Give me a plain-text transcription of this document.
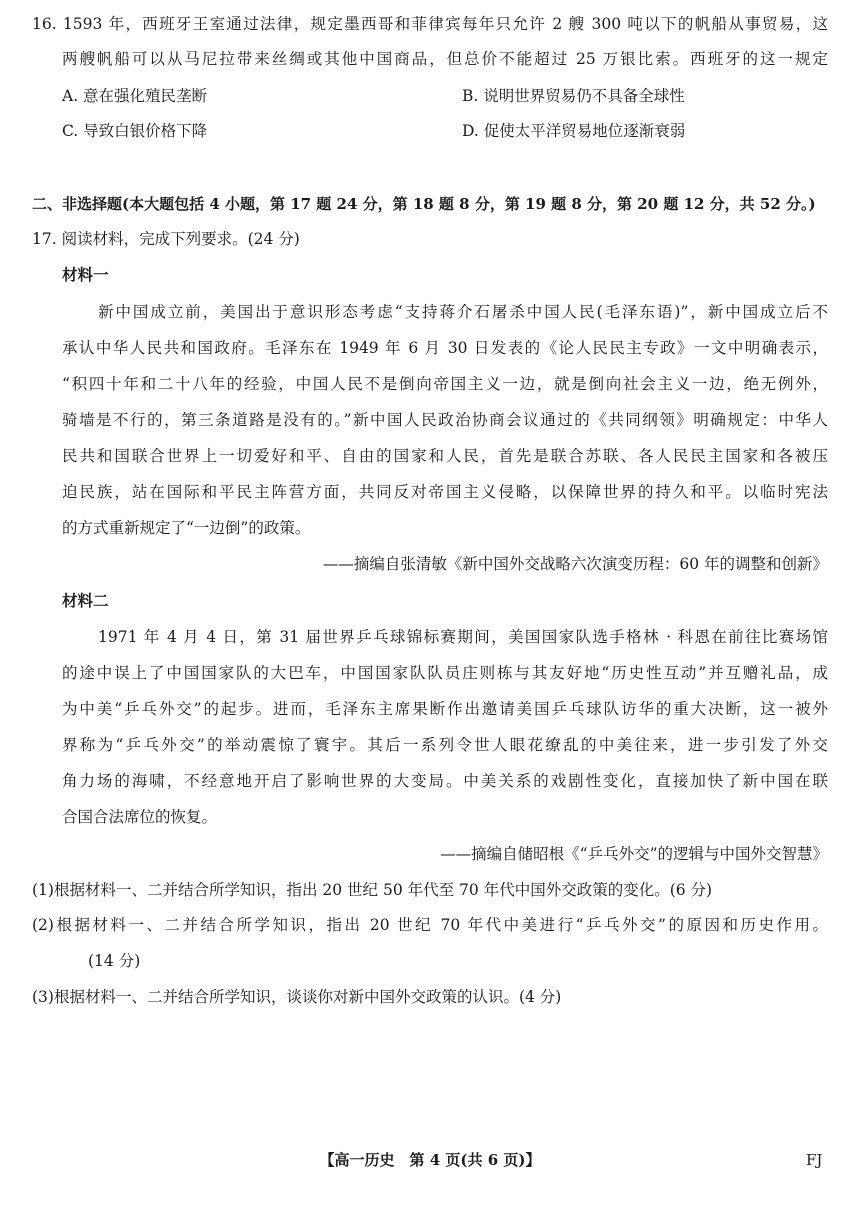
16. 1593 年，西班牙王室通过法律，规定墨西哥和菲律宾每年只允许 2 艘 300 吨以下的帆船从事贸易，这
两艘帆船可以从马尼拉带来丝绸或其他中国商品，但总价不能超过 25 万银比索。西班牙的这一规定
A. 意在强化殖民垄断	B. 说明世界贸易仍不具备全球性
C. 导致白银价格下降	D. 促使太平洋贸易地位逐渐衰弱
二、非选择题(本大题包括 4 小题，第 17 题 24 分，第 18 题 8 分，第 19 题 8 分，第 20 题 12 分，共 52 分。)
17. 阅读材料，完成下列要求。(24 分)
材料一
新中国成立前，美国出于意识形态考虑“支持蒋介石屠杀中国人民(毛泽东语)”，新中国成立后不
承认中华人民共和国政府。毛泽东在 1949 年 6 月 30 日发表的《论人民民主专政》一文中明确表示，
“积四十年和二十八年的经验，中国人民不是倒向帝国主义一边，就是倒向社会主义一边，绝无例外，
骑墙是不行的，第三条道路是没有的。”新中国人民政治协商会议通过的《共同纲领》明确规定：中华人
民共和国联合世界上一切爱好和平、自由的国家和人民，首先是联合苏联、各人民民主国家和各被压
迫民族，站在国际和平民主阵营方面，共同反对帝国主义侵略，以保障世界的持久和平。以临时宪法
的方式重新规定了“一边倒”的政策。
——摘编自张清敏《新中国外交战略六次演变历程：60 年的调整和创新》
材料二
1971 年 4 月 4 日，第 31 届世界乒乓球锦标赛期间，美国国家队选手格林 · 科恩在前往比赛场馆
的途中误上了中国国家队的大巴车，中国国家队队员庄则栋与其友好地“历史性互动”并互赠礼品，成
为中美“乒乓外交”的起步。进而，毛泽东主席果断作出邀请美国乒乓球队访华的重大决断，这一被外
界称为“乒乓外交”的举动震惊了寰宇。其后一系列令世人眼花缭乱的中美往来，进一步引发了外交
角力场的海啸，不经意地开启了影响世界的大变局。中美关系的戏剧性变化，直接加快了新中国在联
合国合法席位的恢复。
——摘编自储昭根《“乒乓外交”的逻辑与中国外交智慧》
(1)根据材料一、二并结合所学知识，指出 20 世纪 50 年代至 70 年代中国外交政策的变化。(6 分)
(2)根据材料一、二并结合所学知识，指出 20 世纪 70 年代中美进行“乒乓外交”的原因和历史作用。
(14 分)
(3)根据材料一、二并结合所学知识，谈谈你对新中国外交政策的认识。(4 分)
【高一历史　第 4 页(共 6 页)】	FJ
